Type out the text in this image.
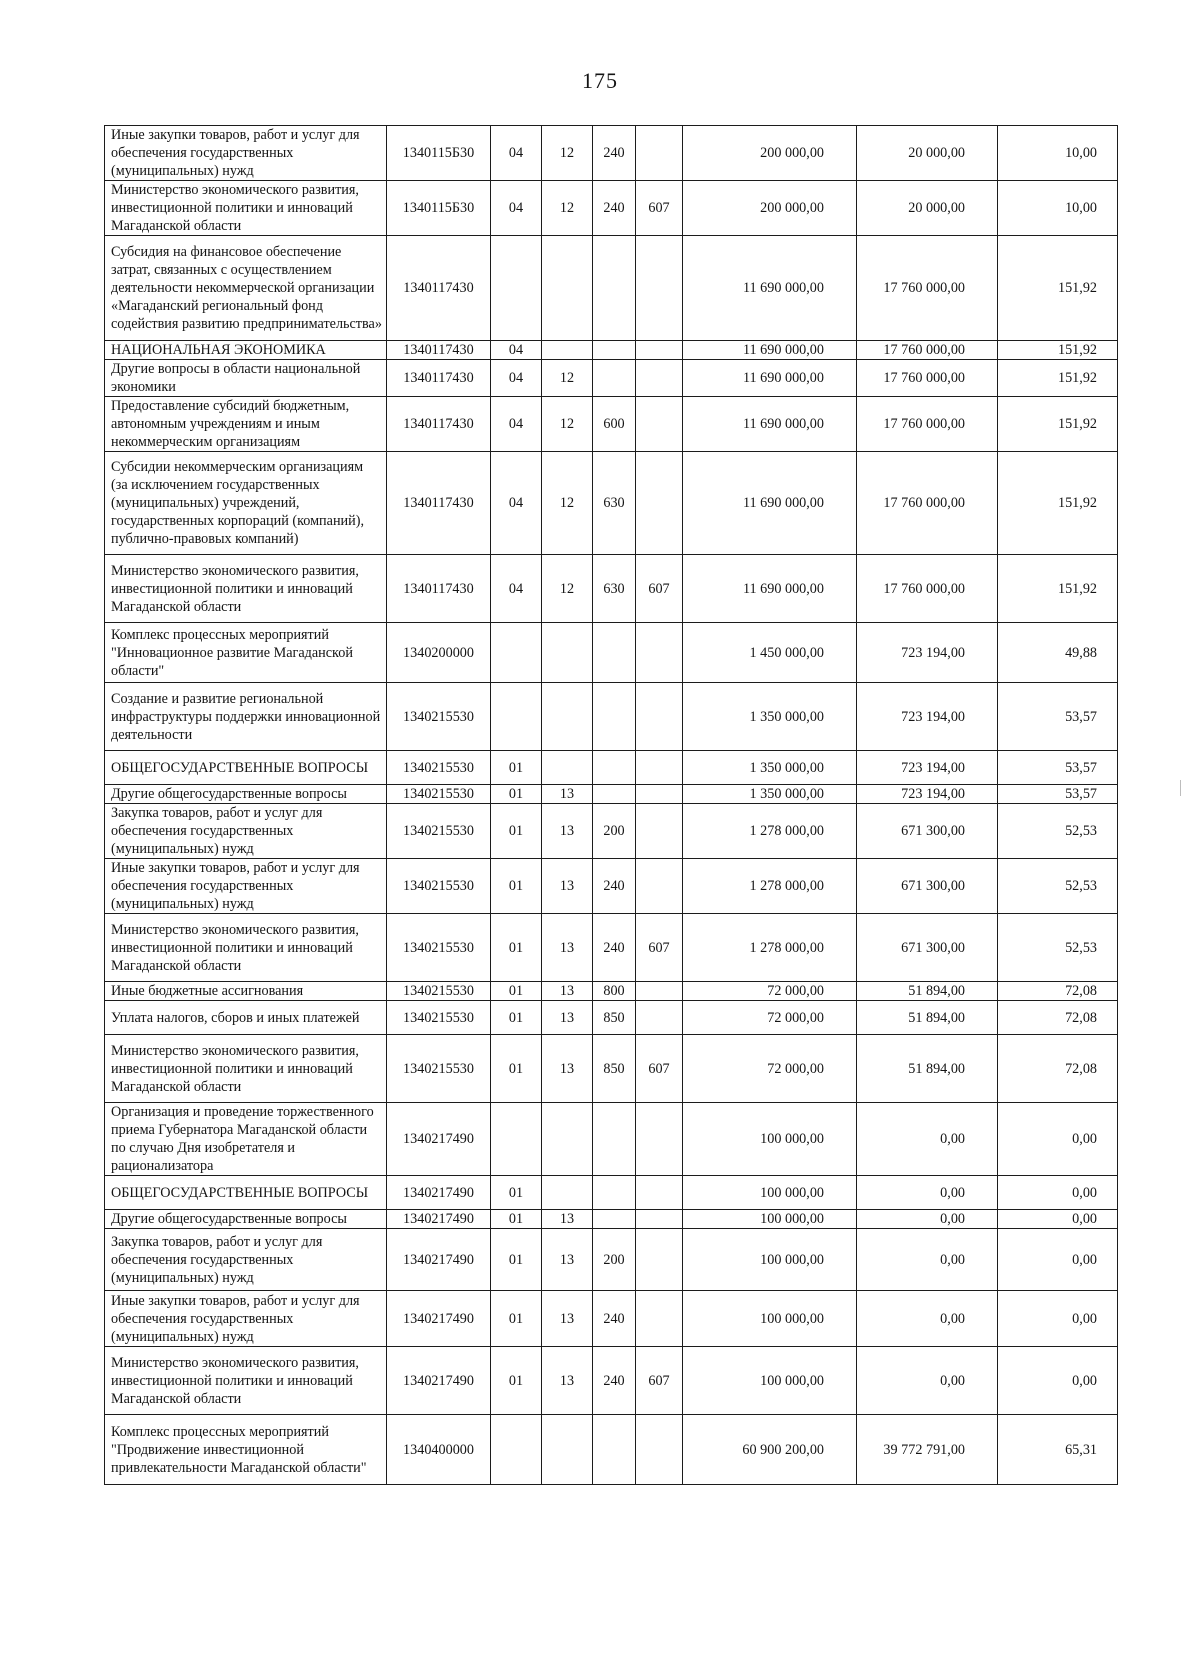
175
Иные закупки товаров, работ и услуг для обеспечения государственных (муниципальных) нужд	1340115Б30	04	12	240		200 000,00	20 000,00	10,00
Министерство экономического развития, инвестиционной политики и инноваций Магаданской области	1340115Б30	04	12	240	607	200 000,00	20 000,00	10,00
Субсидия на финансовое обеспечение затрат, связанных с осуществлением деятельности некоммерческой организации «Магаданский региональный фонд содействия развитию предпринимательства»	1340117430					11 690 000,00	17 760 000,00	151,92
НАЦИОНАЛЬНАЯ ЭКОНОМИКА	1340117430	04				11 690 000,00	17 760 000,00	151,92
Другие вопросы в области национальной экономики	1340117430	04	12			11 690 000,00	17 760 000,00	151,92
Предоставление субсидий бюджетным, автономным учреждениям и иным некоммерческим организациям	1340117430	04	12	600		11 690 000,00	17 760 000,00	151,92
Субсидии некоммерческим организациям (за исключением государственных (муниципальных) учреждений, государственных корпораций (компаний), публично-правовых компаний)	1340117430	04	12	630		11 690 000,00	17 760 000,00	151,92
Министерство экономического развития, инвестиционной политики и инноваций Магаданской области	1340117430	04	12	630	607	11 690 000,00	17 760 000,00	151,92
Комплекс процессных мероприятий "Инновационное развитие Магаданской области"	1340200000					1 450 000,00	723 194,00	49,88
Создание и развитие региональной инфраструктуры поддержки инновационной деятельности	1340215530					1 350 000,00	723 194,00	53,57
ОБЩЕГОСУДАРСТВЕННЫЕ ВОПРОСЫ	1340215530	01				1 350 000,00	723 194,00	53,57
Другие общегосударственные вопросы	1340215530	01	13			1 350 000,00	723 194,00	53,57
Закупка товаров, работ и услуг для обеспечения государственных (муниципальных) нужд	1340215530	01	13	200		1 278 000,00	671 300,00	52,53
Иные закупки товаров, работ и услуг для обеспечения государственных (муниципальных) нужд	1340215530	01	13	240		1 278 000,00	671 300,00	52,53
Министерство экономического развития, инвестиционной политики и инноваций Магаданской области	1340215530	01	13	240	607	1 278 000,00	671 300,00	52,53
Иные бюджетные ассигнования	1340215530	01	13	800		72 000,00	51 894,00	72,08
Уплата налогов, сборов и иных платежей	1340215530	01	13	850		72 000,00	51 894,00	72,08
Министерство экономического развития, инвестиционной политики и инноваций Магаданской области	1340215530	01	13	850	607	72 000,00	51 894,00	72,08
Организация и проведение торжественного приема Губернатора Магаданской области по случаю Дня изобретателя и рационализатора	1340217490					100 000,00	0,00	0,00
ОБЩЕГОСУДАРСТВЕННЫЕ ВОПРОСЫ	1340217490	01				100 000,00	0,00	0,00
Другие общегосударственные вопросы	1340217490	01	13			100 000,00	0,00	0,00
Закупка товаров, работ и услуг для обеспечения государственных (муниципальных) нужд	1340217490	01	13	200		100 000,00	0,00	0,00
Иные закупки товаров, работ и услуг для обеспечения государственных (муниципальных) нужд	1340217490	01	13	240		100 000,00	0,00	0,00
Министерство экономического развития, инвестиционной политики и инноваций Магаданской области	1340217490	01	13	240	607	100 000,00	0,00	0,00
Комплекс процессных мероприятий "Продвижение инвестиционной привлекательности Магаданской области"	1340400000					60 900 200,00	39 772 791,00	65,31
